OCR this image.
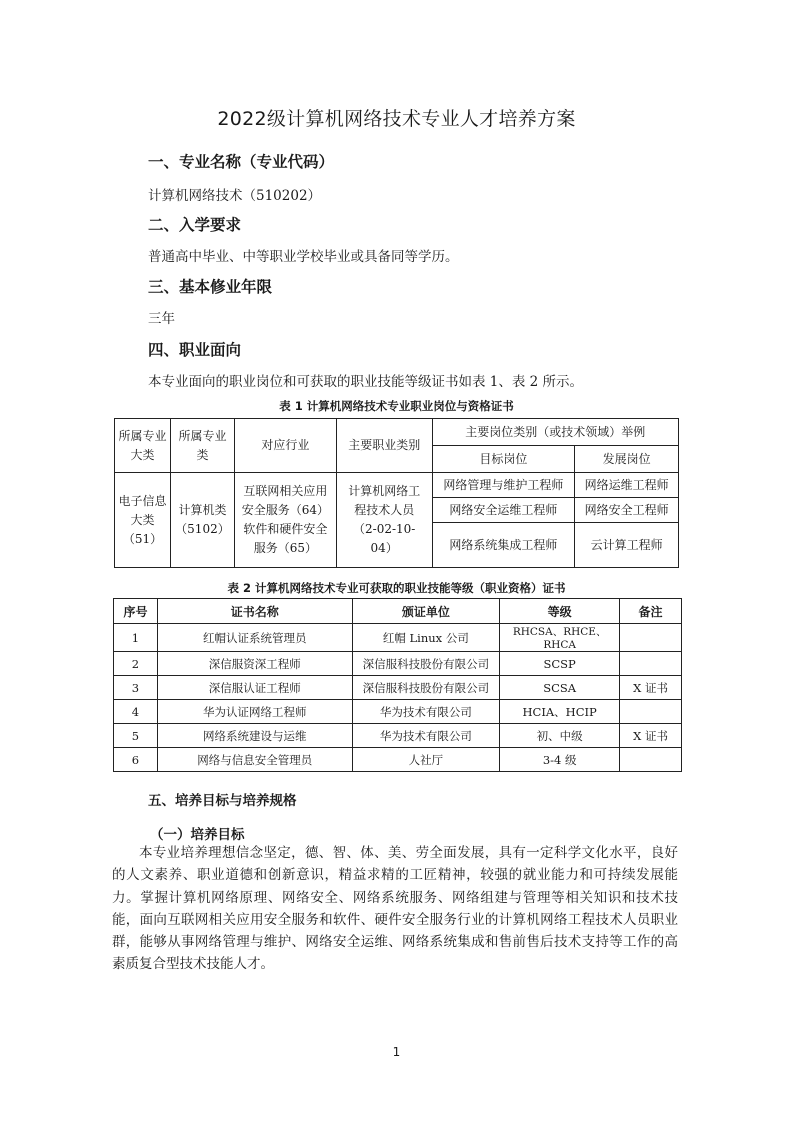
2022级计算机网络技术专业人才培养方案
一、专业名称（专业代码）
计算机网络技术（510202）
二、入学要求
普通高中毕业、中等职业学校毕业或具备同等学历。
三、基本修业年限
三年
四、职业面向
本专业面向的职业岗位和可获取的职业技能等级证书如表 1、表 2 所示。
表 1 计算机网络技术专业职业岗位与资格证书
所属专业大类	所属专业类	对应行业	主要职业类别	主要岗位类别（或技术领域）举例	
				目标岗位	发展岗位
电子信息大类（51）	计算机类（5102）	互联网相关应用安全服务（64）软件和硬件安全服务（65）	计算机网络工程技术人员（2-02-10-04）	网络管理与维护工程师	网络运维工程师
				网络安全运维工程师	网络安全工程师
				网络系统集成工程师	云计算工程师
表 2 计算机网络技术专业可获取的职业技能等级（职业资格）证书
序号	证书名称	颁证单位	等级	备注
1	红帽认证系统管理员	红帽 Linux 公司	RHCSA、RHCE、RHCA	
2	深信服资深工程师	深信服科技股份有限公司	SCSP	
3	深信服认证工程师	深信服科技股份有限公司	SCSA	X 证书
4	华为认证网络工程师	华为技术有限公司	HCIA、HCIP	
5	网络系统建设与运维	华为技术有限公司	初、中级	X 证书
6	网络与信息安全管理员	人社厅	3-4 级	
五、培养目标与培养规格
（一）培养目标
本专业培养理想信念坚定，德、智、体、美、劳全面发展，具有一定科学文化水平，良好的人文素养、职业道德和创新意识，精益求精的工匠精神，较强的就业能力和可持续发展能力。掌握计算机网络原理、网络安全、网络系统服务、网络组建与管理等相关知识和技术技能，面向互联网相关应用安全服务和软件、硬件安全服务行业的计算机网络工程技术人员职业群，能够从事网络管理与维护、网络安全运维、网络系统集成和售前售后技术支持等工作的高素质复合型技术技能人才。
1
